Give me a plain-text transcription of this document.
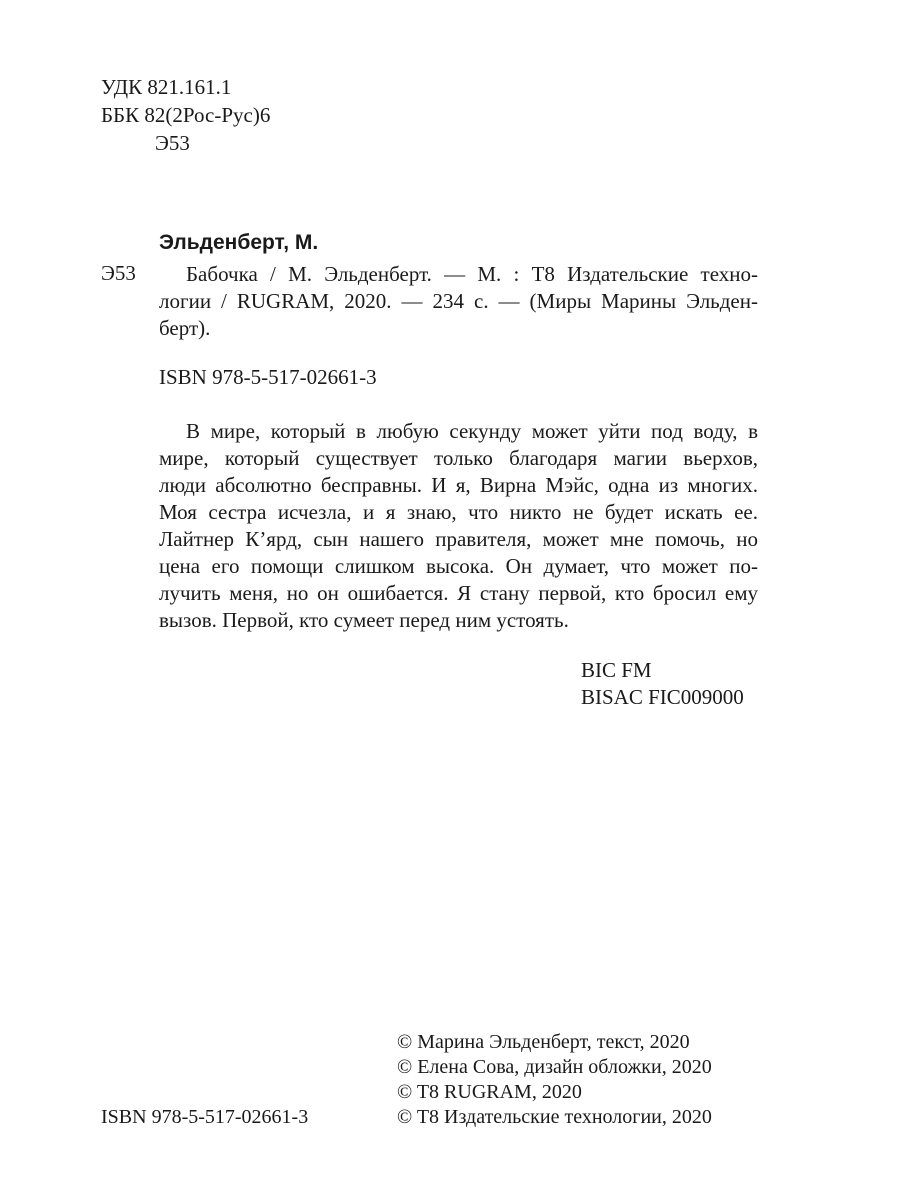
УДК 821.161.1
ББК 82(2Рос-Рус)6
Э53
Эльденберт, М.
Э53 Бабочка / М. Эльденберт. — М. : T8 Издательские техно-
логии / RUGRAM, 2020. — 234 с. — (Миры Марины Эльден-
берт).
ISBN 978-5-517-02661-3
В мире, который в любую секунду может уйти под воду, в
мире, который существует только благодаря магии вьерхов,
люди абсолютно бесправны. И я, Вирна Мэйс, одна из многих.
Моя сестра исчезла, и я знаю, что никто не будет искать ее.
Лайтнер К’ярд, сын нашего правителя, может мне помочь, но
цена его помощи слишком высока. Он думает, что может по-
лучить меня, но он ошибается. Я стану первой, кто бросил ему
вызов. Первой, кто сумеет перед ним устоять.
BIC FM
BISAC FIC009000
© Марина Эльденберт, текст, 2020
© Елена Сова, дизайн обложки, 2020
© T8 RUGRAM, 2020
ISBN 978-5-517-02661-3	© T8 Издательские технологии, 2020
